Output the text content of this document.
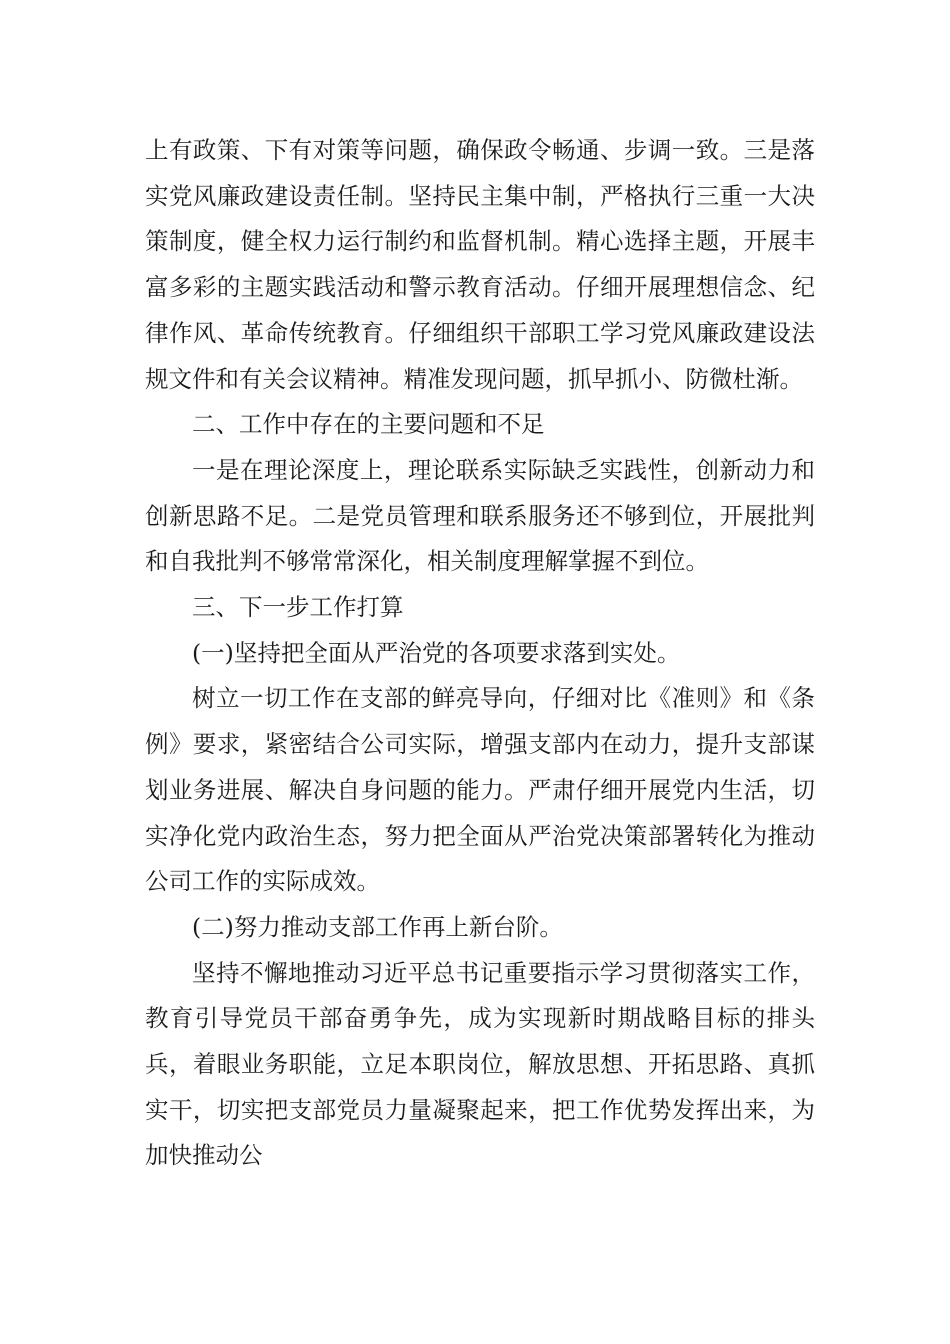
上有政策、下有对策等问题，确保政令畅通、步调一致。三是落实党风廉政建设责任制。坚持民主集中制，严格执行三重一大决策制度，健全权力运行制约和监督机制。精心选择主题，开展丰富多彩的主题实践活动和警示教育活动。仔细开展理想信念、纪律作风、革命传统教育。仔细组织干部职工学习党风廉政建设法规文件和有关会议精神。精准发现问题，抓早抓小、防微杜渐。

二、工作中存在的主要问题和不足

一是在理论深度上，理论联系实际缺乏实践性，创新动力和创新思路不足。二是党员管理和联系服务还不够到位，开展批判和自我批判不够常常深化，相关制度理解掌握不到位。

三、下一步工作打算

(一)坚持把全面从严治党的各项要求落到实处。

树立一切工作在支部的鲜亮导向，仔细对比《准则》和《条例》要求，紧密结合公司实际，增强支部内在动力，提升支部谋划业务进展、解决自身问题的能力。严肃仔细开展党内生活，切实净化党内政治生态，努力把全面从严治党决策部署转化为推动公司工作的实际成效。

(二)努力推动支部工作再上新台阶。

坚持不懈地推动习近平总书记重要指示学习贯彻落实工作，教育引导党员干部奋勇争先，成为实现新时期战略目标的排头兵，着眼业务职能，立足本职岗位，解放思想、开拓思路、真抓实干，切实把支部党员力量凝聚起来，把工作优势发挥出来，为加快推动公
